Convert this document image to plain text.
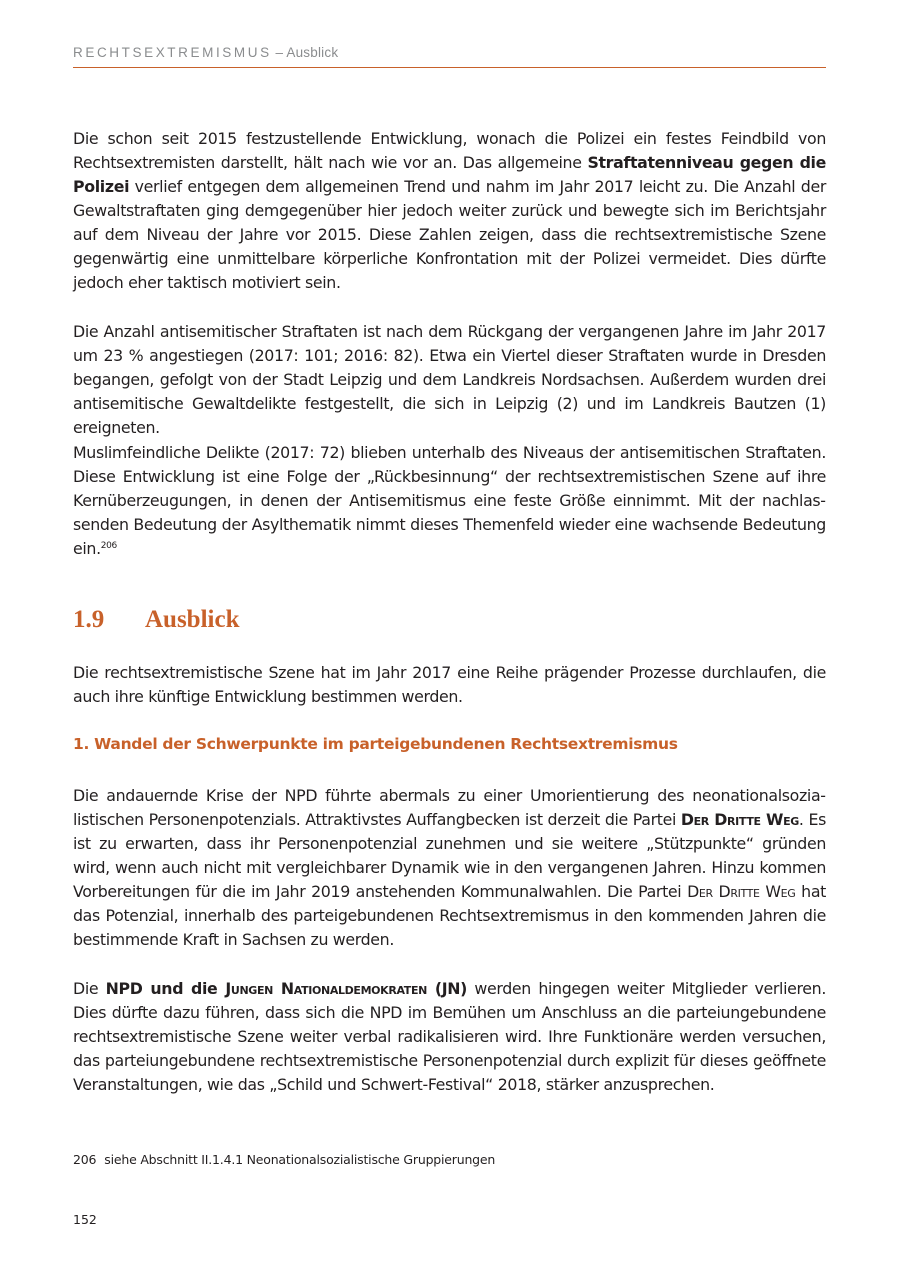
RECHTSEXTREMISMUS – Ausblick

Die schon seit 2015 festzustellende Entwicklung, wonach die Polizei ein festes Feindbild von Rechtsextremisten darstellt, hält nach wie vor an. Das allgemeine Straftatenniveau gegen die Polizei verlief entgegen dem allgemeinen Trend und nahm im Jahr 2017 leicht zu. Die Anzahl der Gewaltstraftaten ging demgegenüber hier jedoch weiter zurück und bewegte sich im Berichtsjahr auf dem Niveau der Jahre vor 2015. Diese Zahlen zeigen, dass die rechtsextremistische Szene gegenwärtig eine unmittelbare körperliche Konfrontation mit der Polizei vermeidet. Dies dürfte jedoch eher taktisch motiviert sein.

Die Anzahl antisemitischer Straftaten ist nach dem Rückgang der vergangenen Jahre im Jahr 2017 um 23 % angestiegen (2017: 101; 2016: 82). Etwa ein Viertel dieser Straftaten wurde in Dresden begangen, gefolgt von der Stadt Leipzig und dem Landkreis Nordsachsen. Außerdem wurden drei antisemitische Gewaltdelikte festgestellt, die sich in Leipzig (2) und im Landkreis Bautzen (1) ereigneten.

Muslimfeindliche Delikte (2017: 72) blieben unterhalb des Niveaus der antisemitischen Straftaten. Diese Entwicklung ist eine Folge der „Rückbesinnung“ der rechtsextremistischen Szene auf ihre Kernüberzeugungen, in denen der Antisemitismus eine feste Größe einnimmt. Mit der nachlassenden Bedeutung der Asylthematik nimmt dieses Themenfeld wieder eine wachsende Bedeutung ein.$^{206}$

1.9 Ausblick

Die rechtsextremistische Szene hat im Jahr 2017 eine Reihe prägender Prozesse durchlaufen, die auch ihre künftige Entwicklung bestimmen werden.

1. Wandel der Schwerpunkte im parteigebundenen Rechtsextremismus

Die andauernde Krise der NPD führte abermals zu einer Umorientierung des neonationalsozialistischen Personenpotenzials. Attraktivstes Auffangbecken ist derzeit die Partei Der Dritte Weg. Es ist zu erwarten, dass ihr Personenpotenzial zunehmen und sie weitere „Stützpunkte“ gründen wird, wenn auch nicht mit vergleichbarer Dynamik wie in den vergangenen Jahren. Hinzu kommen Vorbereitungen für die im Jahr 2019 anstehenden Kommunalwahlen. Die Partei Der Dritte Weg hat das Potenzial, innerhalb des parteigebundenen Rechtsextremismus in den kommenden Jahren die bestimmende Kraft in Sachsen zu werden.

Die NPD und die Jungen Nationaldemokraten (JN) werden hingegen weiter Mitglieder verlieren. Dies dürfte dazu führen, dass sich die NPD im Bemühen um Anschluss an die parteiungebundene rechtsextremistische Szene weiter verbal radikalisieren wird. Ihre Funktionäre werden versuchen, das parteiungebundene rechtsextremistische Personenpotenzial durch explizit für dieses geöffnete Veranstaltungen, wie das „Schild und Schwert-Festival“ 2018, stärker anzusprechen.

206 siehe Abschnitt II.1.4.1 Neonationalsozialistische Gruppierungen
152
